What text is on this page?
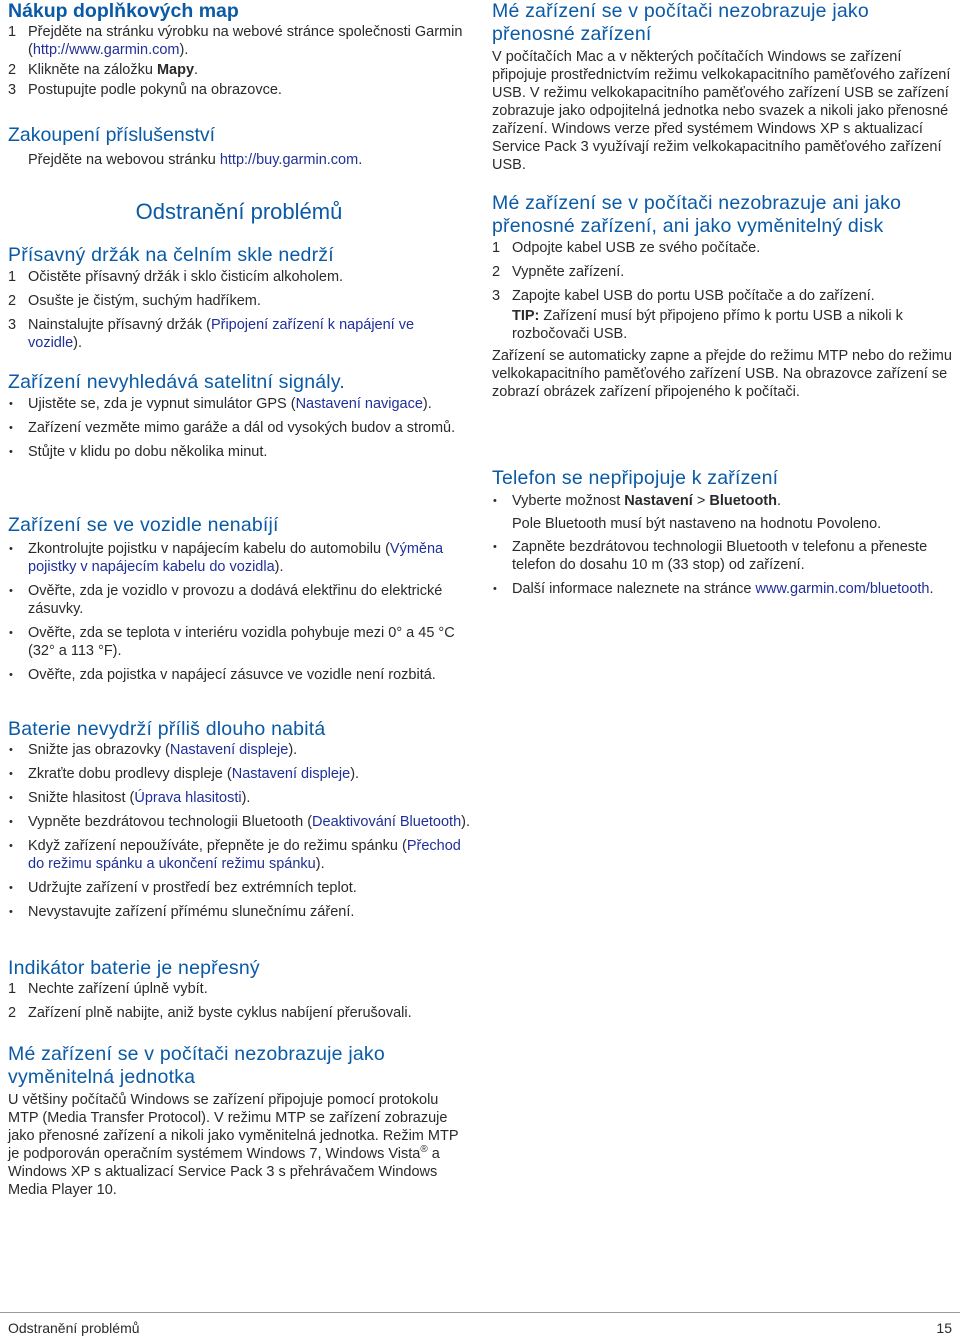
Nákup doplňkových map
1 Přejděte na stránku výrobku na webové stránce společnosti Garmin (http://www.garmin.com).
2 Klikněte na záložku Mapy.
3 Postupujte podle pokynů na obrazovce.
Zakoupení příslušenství

Přejděte na webovou stránku http://buy.garmin.com.

Odstranění problémů
Přísavný držák na čelním skle nedrží
1 Očistěte přísavný držák i sklo čisticím alkoholem.
2 Osušte je čistým, suchým hadříkem.
3 Nainstalujte přísavný držák (Připojení zařízení k napájení ve vozidle).
Zařízení nevyhledává satelitní signály.
• Ujistěte se, zda je vypnut simulátor GPS (Nastavení navigace).
• Zařízení vezměte mimo garáže a dál od vysokých budov a stromů.
• Stůjte v klidu po dobu několika minut.
Zařízení se ve vozidle nenabíjí
• Zkontrolujte pojistku v napájecím kabelu do automobilu (Výměna pojistky v napájecím kabelu do vozidla).
• Ověřte, zda je vozidlo v provozu a dodává elektřinu do elektrické zásuvky.
• Ověřte, zda se teplota v interiéru vozidla pohybuje mezi 0° a 45 °C (32° a 113 °F).
• Ověřte, zda pojistka v napájecí zásuvce ve vozidle není rozbitá.
Baterie nevydrží příliš dlouho nabitá
• Snižte jas obrazovky (Nastavení displeje).
• Zkraťte dobu prodlevy displeje (Nastavení displeje).
• Snižte hlasitost (Úprava hlasitosti).
• Vypněte bezdrátovou technologii Bluetooth (Deaktivování Bluetooth).
• Když zařízení nepoužíváte, přepněte je do režimu spánku (Přechod do režimu spánku a ukončení režimu spánku).
• Udržujte zařízení v prostředí bez extrémních teplot.
• Nevystavujte zařízení přímému slunečnímu záření.
Indikátor baterie je nepřesný
1 Nechte zařízení úplně vybít.
2 Zařízení plně nabijte, aniž byste cyklus nabíjení přerušovali.
Mé zařízení se v počítači nezobrazuje jako vyměnitelná jednotka

U většiny počítačů Windows se zařízení připojuje pomocí protokolu MTP (Media Transfer Protocol). V režimu MTP se zařízení zobrazuje jako přenosné zařízení a nikoli jako vyměnitelná jednotka. Režim MTP je podporován operačním systémem Windows 7, Windows Vista® a Windows XP s aktualizací Service Pack 3 s přehrávačem Windows Media Player 10.

Mé zařízení se v počítači nezobrazuje jako přenosné zařízení

V počítačích Mac a v některých počítačích Windows se zařízení připojuje prostřednictvím režimu velkokapacitního paměťového zařízení USB. V režimu velkokapacitního paměťového zařízení USB se zařízení zobrazuje jako odpojitelná jednotka nebo svazek a nikoli jako přenosné zařízení. Windows verze před systémem Windows XP s aktualizací Service Pack 3 využívají režim velkokapacitního paměťového zařízení USB.

Mé zařízení se v počítači nezobrazuje ani jako přenosné zařízení, ani jako vyměnitelný disk
1 Odpojte kabel USB ze svého počítače.
2 Vypněte zařízení.
3 Zapojte kabel USB do portu USB počítače a do zařízení.

TIP: Zařízení musí být připojeno přímo k portu USB a nikoli k rozbočovači USB.

Zařízení se automaticky zapne a přejde do režimu MTP nebo do režimu velkokapacitního paměťového zařízení USB. Na obrazovce zařízení se zobrazí obrázek zařízení připojeného k počítači.

Telefon se nepřipojuje k zařízení
• Vyberte možnost Nastavení > Bluetooth.
Pole Bluetooth musí být nastaveno na hodnotu Povoleno.
• Zapněte bezdrátovou technologii Bluetooth v telefonu a přeneste telefon do dosahu 10 m (33 stop) od zařízení.
• Další informace naleznete na stránce www.garmin.com/bluetooth.
Odstranění problémů	15
